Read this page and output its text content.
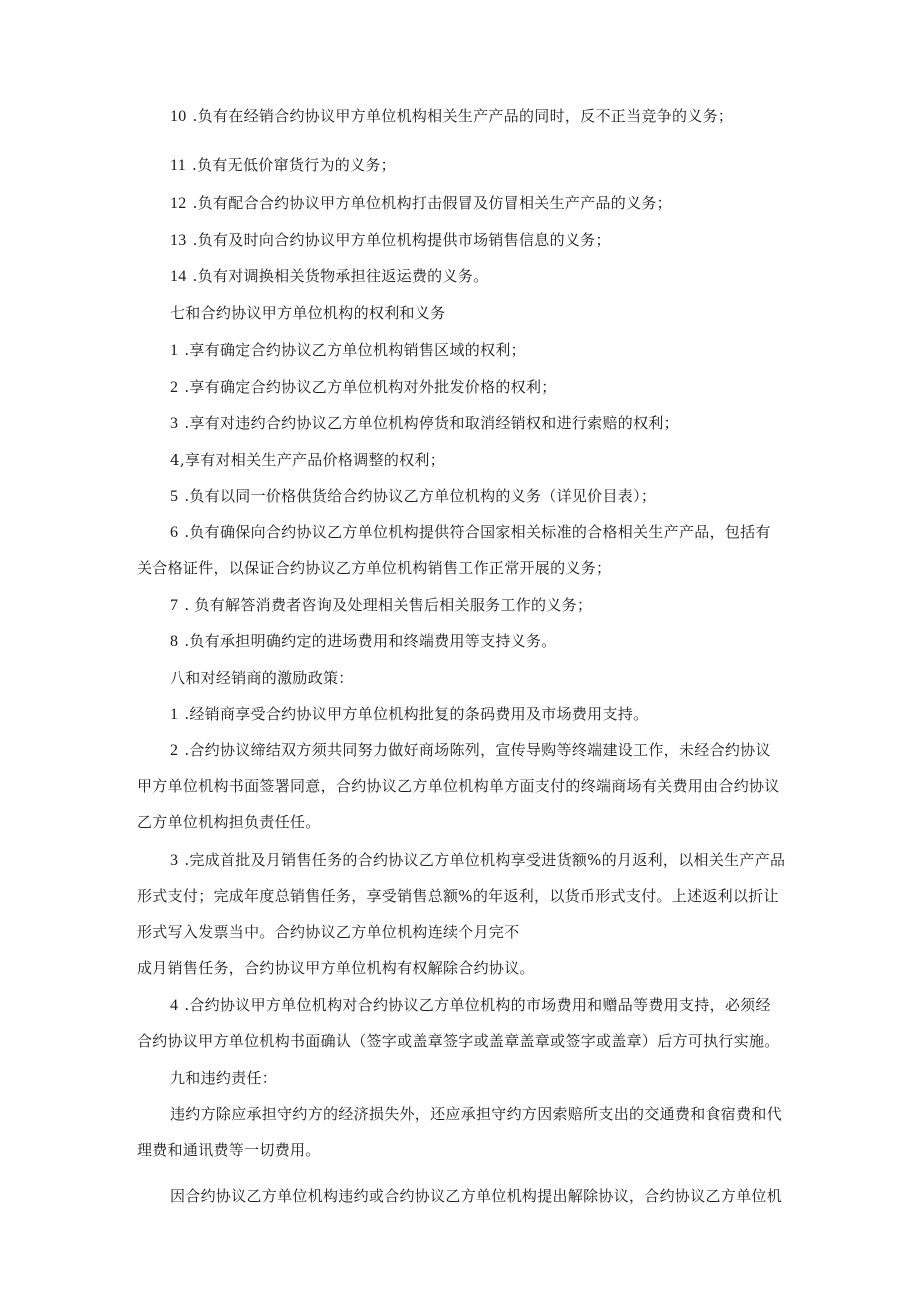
10 .负有在经销合约协议甲方单位机构相关生产产品的同时，反不正当竞争的义务；
11 .负有无低价窜货行为的义务；
12 .负有配合合约协议甲方单位机构打击假冒及仿冒相关生产产品的义务；
13 .负有及时向合约协议甲方单位机构提供市场销售信息的义务；
14 .负有对调换相关货物承担往返运费的义务。
七和合约协议甲方单位机构的权利和义务
1 .享有确定合约协议乙方单位机构销售区域的权利；
2 .享有确定合约协议乙方单位机构对外批发价格的权利；
3 .享有对违约合约协议乙方单位机构停货和取消经销权和进行索赔的权利；
4,享有对相关生产产品价格调整的权利；
5 .负有以同一价格供货给合约协议乙方单位机构的义务（详见价目表）；
6 .负有确保向合约协议乙方单位机构提供符合国家相关标准的合格相关生产产品，包括有
关合格证件，以保证合约协议乙方单位机构销售工作正常开展的义务；
7 . 负有解答消费者咨询及处理相关售后相关服务工作的义务；
8 .负有承担明确约定的进场费用和终端费用等支持义务。
八和对经销商的激励政策：
1 .经销商享受合约协议甲方单位机构批复的条码费用及市场费用支持。
2 .合约协议缔结双方须共同努力做好商场陈列，宣传导购等终端建设工作，未经合约协议
甲方单位机构书面签署同意，合约协议乙方单位机构单方面支付的终端商场有关费用由合约协议
乙方单位机构担负责任任。
3 .完成首批及月销售任务的合约协议乙方单位机构享受进货额%的月返利，以相关生产产品
形式支付；完成年度总销售任务，享受销售总额%的年返利，以货币形式支付。上述返利以折让
形式写入发票当中。合约协议乙方单位机构连续个月完不
成月销售任务，合约协议甲方单位机构有权解除合约协议。
4 .合约协议甲方单位机构对合约协议乙方单位机构的市场费用和赠品等费用支持，必须经
合约协议甲方单位机构书面确认（签字或盖章签字或盖章盖章或签字或盖章）后方可执行实施。
九和违约责任：
违约方除应承担守约方的经济损失外，还应承担守约方因索赔所支出的交通费和食宿费和代
理费和通讯费等一切费用。
因合约协议乙方单位机构违约或合约协议乙方单位机构提出解除协议，合约协议乙方单位机
